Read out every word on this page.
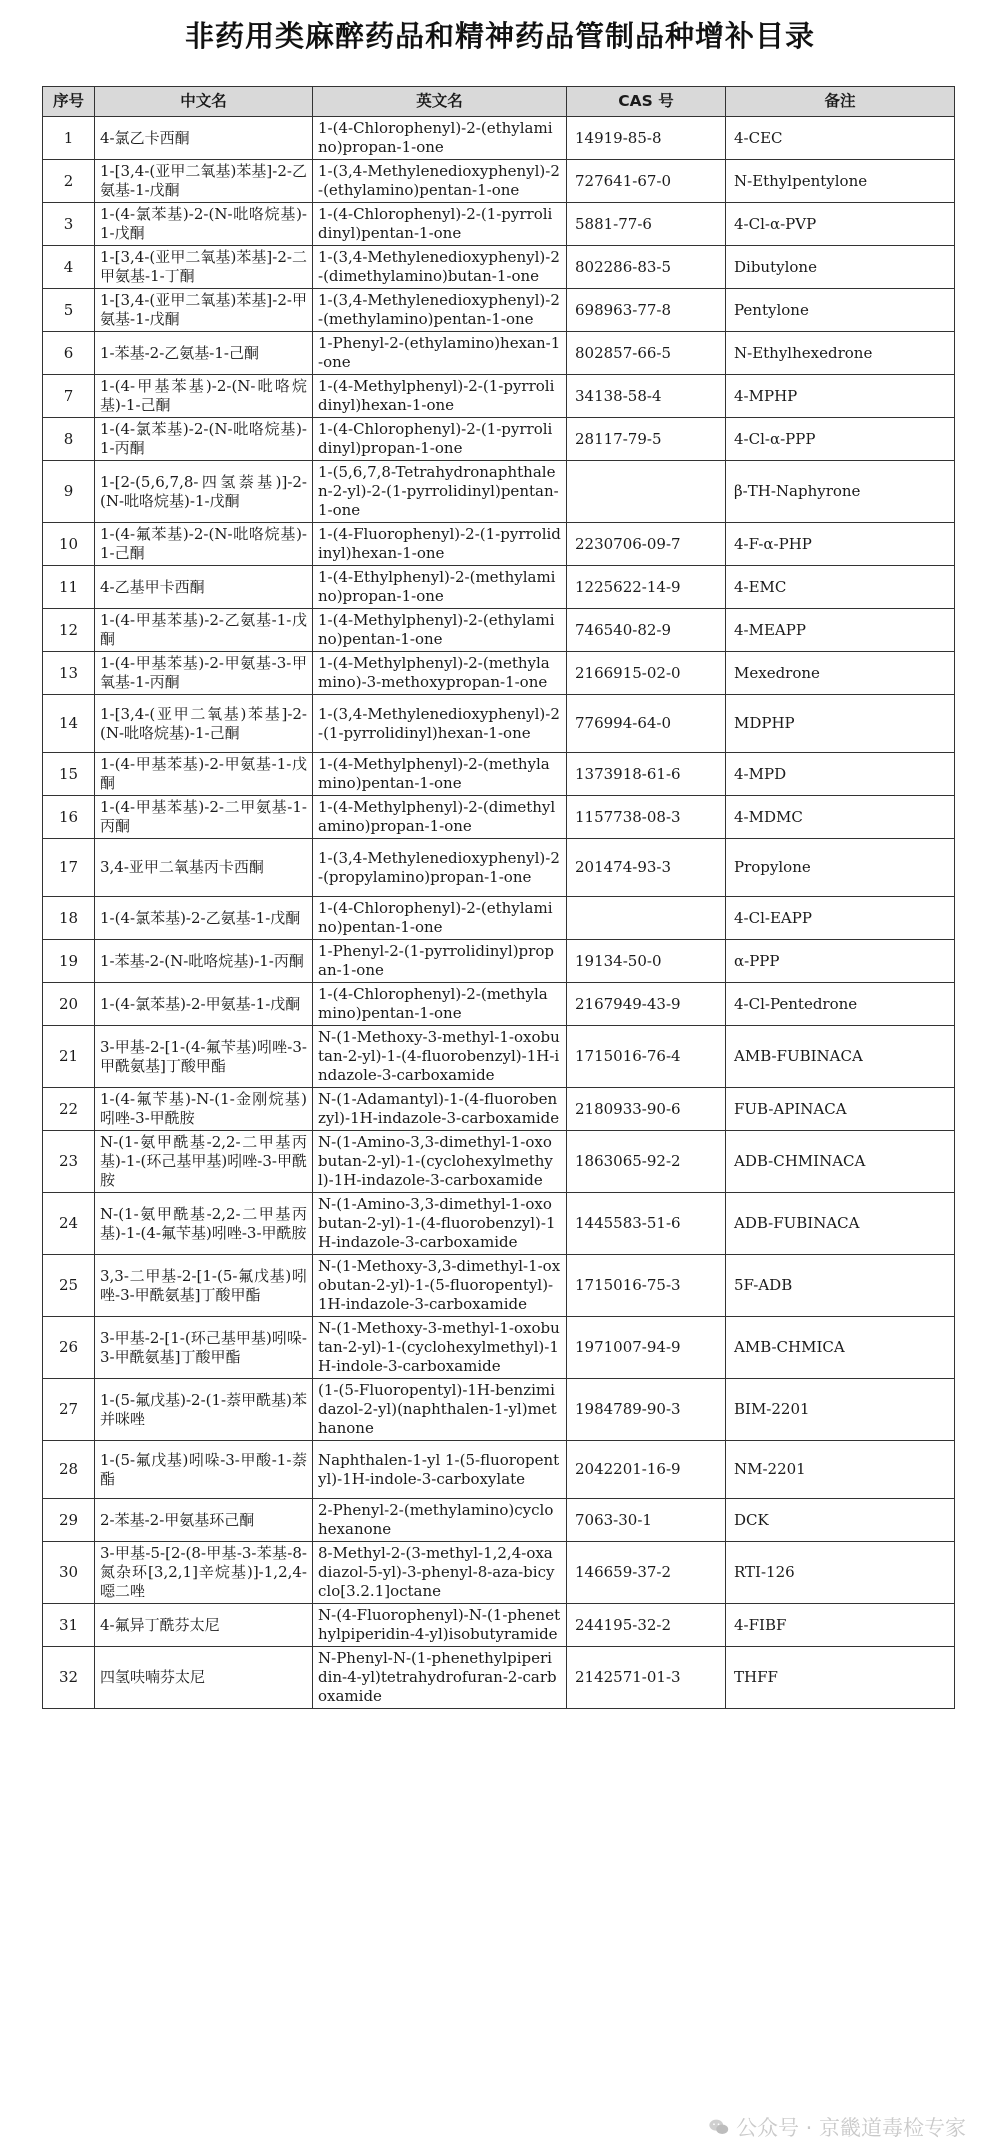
非药用类麻醉药品和精神药品管制品种增补目录
序号	中文名	英文名	CAS 号	备注
1	4-氯乙卡西酮	1-(4-Chlorophenyl)-2-(ethylamino)propan-1-one	14919-85-8	4-CEC
2	1-[3,4-(亚甲二氧基)苯基]-2-乙氨基-1-戊酮	1-(3,4-Methylenedioxyphenyl)-2-(ethylamino)pentan-1-one	727641-67-0	N-Ethylpentylone
3	1-(4-氯苯基)-2-(N-吡咯烷基)-1-戊酮	1-(4-Chlorophenyl)-2-(1-pyrrolidinyl)pentan-1-one	5881-77-6	4-Cl-α-PVP
4	1-[3,4-(亚甲二氧基)苯基]-2-二甲氨基-1-丁酮	1-(3,4-Methylenedioxyphenyl)-2-(dimethylamino)butan-1-one	802286-83-5	Dibutylone
5	1-[3,4-(亚甲二氧基)苯基]-2-甲氨基-1-戊酮	1-(3,4-Methylenedioxyphenyl)-2-(methylamino)pentan-1-one	698963-77-8	Pentylone
6	1-苯基-2-乙氨基-1-己酮	1-Phenyl-2-(ethylamino)hexan-1-one	802857-66-5	N-Ethylhexedrone
7	1-(4-甲基苯基)-2-(N-吡咯烷基)-1-己酮	1-(4-Methylphenyl)-2-(1-pyrrolidinyl)hexan-1-one	34138-58-4	4-MPHP
8	1-(4-氯苯基)-2-(N-吡咯烷基)-1-丙酮	1-(4-Chlorophenyl)-2-(1-pyrrolidinyl)propan-1-one	28117-79-5	4-Cl-α-PPP
9	1-[2-(5,6,7,8-四氢萘基)]-2-(N-吡咯烷基)-1-戊酮	1-(5,6,7,8-Tetrahydronaphthalen-2-yl)-2-(1-pyrrolidinyl)pentan-1-one		β-TH-Naphyrone
10	1-(4-氟苯基)-2-(N-吡咯烷基)-1-己酮	1-(4-Fluorophenyl)-2-(1-pyrrolidinyl)hexan-1-one	2230706-09-7	4-F-α-PHP
11	4-乙基甲卡西酮	1-(4-Ethylphenyl)-2-(methylamino)propan-1-one	1225622-14-9	4-EMC
12	1-(4-甲基苯基)-2-乙氨基-1-戊酮	1-(4-Methylphenyl)-2-(ethylamino)pentan-1-one	746540-82-9	4-MEAPP
13	1-(4-甲基苯基)-2-甲氨基-3-甲氧基-1-丙酮	1-(4-Methylphenyl)-2-(methylamino)-3-methoxypropan-1-one	2166915-02-0	Mexedrone
14	1-[3,4-(亚甲二氧基)苯基]-2-(N-吡咯烷基)-1-己酮	1-(3,4-Methylenedioxyphenyl)-2-(1-pyrrolidinyl)hexan-1-one	776994-64-0	MDPHP
15	1-(4-甲基苯基)-2-甲氨基-1-戊酮	1-(4-Methylphenyl)-2-(methylamino)pentan-1-one	1373918-61-6	4-MPD
16	1-(4-甲基苯基)-2-二甲氨基-1-丙酮	1-(4-Methylphenyl)-2-(dimethylamino)propan-1-one	1157738-08-3	4-MDMC
17	3,4-亚甲二氧基丙卡西酮	1-(3,4-Methylenedioxyphenyl)-2-(propylamino)propan-1-one	201474-93-3	Propylone
18	1-(4-氯苯基)-2-乙氨基-1-戊酮	1-(4-Chlorophenyl)-2-(ethylamino)pentan-1-one		4-Cl-EAPP
19	1-苯基-2-(N-吡咯烷基)-1-丙酮	1-Phenyl-2-(1-pyrrolidinyl)propan-1-one	19134-50-0	α-PPP
20	1-(4-氯苯基)-2-甲氨基-1-戊酮	1-(4-Chlorophenyl)-2-(methylamino)pentan-1-one	2167949-43-9	4-Cl-Pentedrone
21	3-甲基-2-[1-(4-氟苄基)吲唑-3-甲酰氨基]丁酸甲酯	N-(1-Methoxy-3-methyl-1-oxobutan-2-yl)-1-(4-fluorobenzyl)-1H-indazole-3-carboxamide	1715016-76-4	AMB-FUBINACA
22	1-(4-氟苄基)-N-(1-金刚烷基)吲唑-3-甲酰胺	N-(1-Adamantyl)-1-(4-fluorobenzyl)-1H-indazole-3-carboxamide	2180933-90-6	FUB-APINACA
23	N-(1-氨甲酰基-2,2-二甲基丙基)-1-(环己基甲基)吲唑-3-甲酰胺	N-(1-Amino-3,3-dimethyl-1-oxobutan-2-yl)-1-(cyclohexylmethyl)-1H-indazole-3-carboxamide	1863065-92-2	ADB-CHMINACA
24	N-(1-氨甲酰基-2,2-二甲基丙基)-1-(4-氟苄基)吲唑-3-甲酰胺	N-(1-Amino-3,3-dimethyl-1-oxobutan-2-yl)-1-(4-fluorobenzyl)-1H-indazole-3-carboxamide	1445583-51-6	ADB-FUBINACA
25	3,3-二甲基-2-[1-(5-氟戊基)吲唑-3-甲酰氨基]丁酸甲酯	N-(1-Methoxy-3,3-dimethyl-1-oxobutan-2-yl)-1-(5-fluoropentyl)-1H-indazole-3-carboxamide	1715016-75-3	5F-ADB
26	3-甲基-2-[1-(环己基甲基)吲哚-3-甲酰氨基]丁酸甲酯	N-(1-Methoxy-3-methyl-1-oxobutan-2-yl)-1-(cyclohexylmethyl)-1H-indole-3-carboxamide	1971007-94-9	AMB-CHMICA
27	1-(5-氟戊基)-2-(1-萘甲酰基)苯并咪唑	(1-(5-Fluoropentyl)-1H-benzimidazol-2-yl)(naphthalen-1-yl)methanone	1984789-90-3	BIM-2201
28	1-(5-氟戊基)吲哚-3-甲酸-1-萘酯	Naphthalen-1-yl 1-(5-fluoropentyl)-1H-indole-3-carboxylate	2042201-16-9	NM-2201
29	2-苯基-2-甲氨基环己酮	2-Phenyl-2-(methylamino)cyclohexanone	7063-30-1	DCK
30	3-甲基-5-[2-(8-甲基-3-苯基-8-氮杂环[3,2,1]辛烷基)]-1,2,4-噁二唑	8-Methyl-2-(3-methyl-1,2,4-oxadiazol-5-yl)-3-phenyl-8-aza-bicyclo[3.2.1]octane	146659-37-2	RTI-126
31	4-氟异丁酰芬太尼	N-(4-Fluorophenyl)-N-(1-phenethylpiperidin-4-yl)isobutyramide	244195-32-2	4-FIBF
32	四氢呋喃芬太尼	N-Phenyl-N-(1-phenethylpiperidin-4-yl)tetrahydrofuran-2-carboxamide	2142571-01-3	THFF
公众号 · 京畿道毒检专家
